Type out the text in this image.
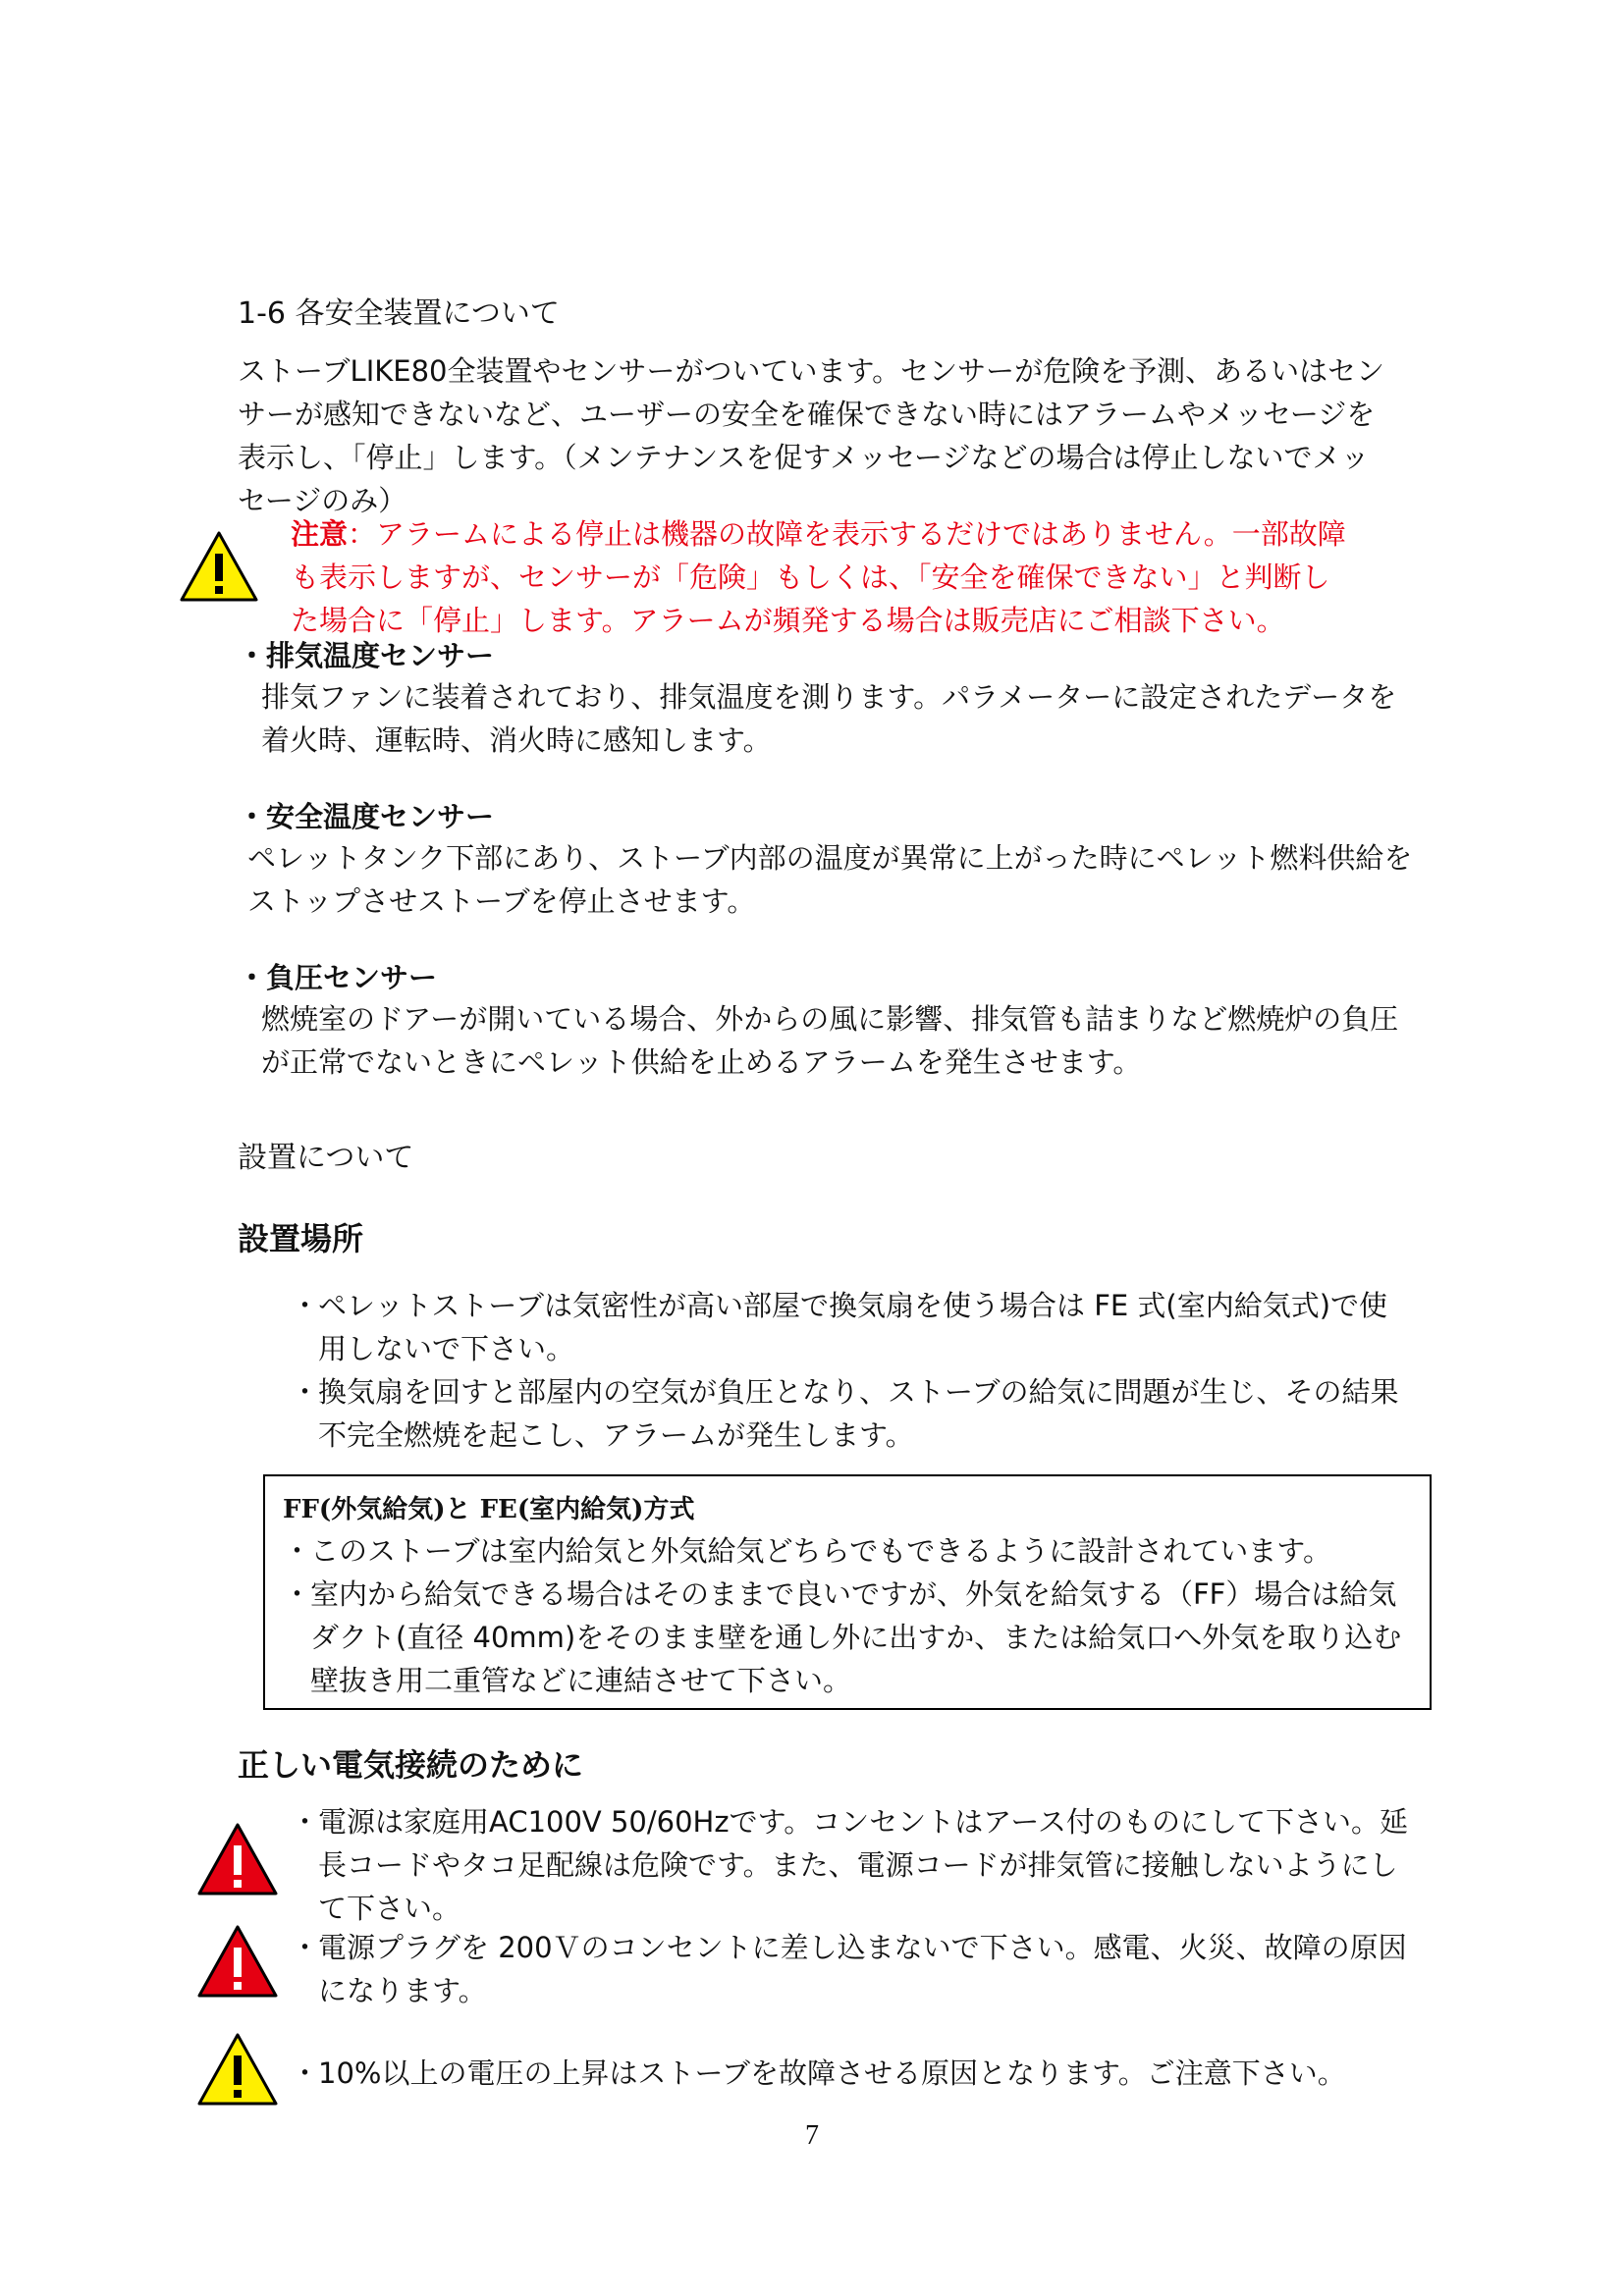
1-6 各安全装置について

ストーブLIKE80全装置やセンサーがついています。センサーが危険を予測、あるいはセンサーが感知できないなど、ユーザーの安全を確保できない時にはアラームやメッセージを表示し、「停止」します。（メンテナンスを促すメッセージなどの場合は停止しないでメッセージのみ）

注意：アラームによる停止は機器の故障を表示するだけではありません。一部故障も表示しますが、センサーが「危険」もしくは、「安全を確保できない」と判断した場合に「停止」します。アラームが頻発する場合は販売店にご相談下さい。

・排気温度センサー

排気ファンに装着されており、排気温度を測ります。パラメーターに設定されたデータを着火時、運転時、消火時に感知します。

・安全温度センサー

ペレットタンク下部にあり、ストーブ内部の温度が異常に上がった時にペレット燃料供給をストップさせストーブを停止させます。

・負圧センサー

燃焼室のドアーが開いている場合、外からの風に影響、排気管も詰まりなど燃焼炉の負圧が正常でないときにペレット供給を止めるアラームを発生させます。

設置について
設置場所
・
ペレットストーブは気密性が高い部屋で換気扇を使う場合は FE 式(室内給気式)で使用しないで下さい。
・
換気扇を回すと部屋内の空気が負圧となり、ストーブの給気に問題が生じ、その結果不完全燃焼を起こし、アラームが発生します。
FF(外気給気)と FE(室内給気)方式
・
このストーブは室内給気と外気給気どちらでもできるように設計されています。
・
室内から給気できる場合はそのままで良いですが、外気を給気する（FF）場合は給気ダクト(直径 40mm)をそのまま壁を通し外に出すか、または給気口へ外気を取り込む壁抜き用二重管などに連結させて下さい。
正しい電気接続のために
・
電源は家庭用AC100V 50/60Hzです。コンセントはアース付のものにして下さい。延長コードやタコ足配線は危険です。また、電源コードが排気管に接触しないようにして下さい。
・
電源プラグを 200Ｖのコンセントに差し込まないで下さい。感電、火災、故障の原因になります。
・
10%以上の電圧の上昇はストーブを故障させる原因となります。ご注意下さい。
7
